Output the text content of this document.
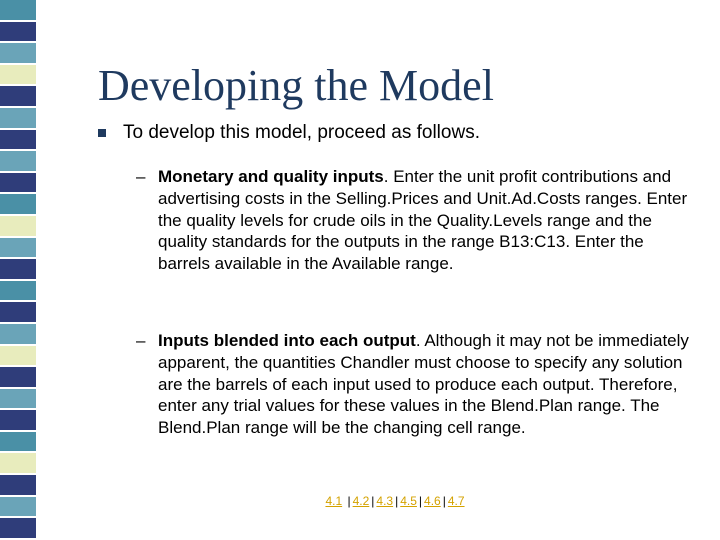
Developing the Model
To develop this model, proceed as follows.
– Monetary and quality inputs. Enter the unit profit contributions and advertising costs in the Selling.Prices and Unit.Ad.Costs ranges. Enter the quality levels for crude oils in the Quality.Levels range and the quality standards for the outputs in the range B13:C13. Enter the barrels available in the Available range.
– Inputs blended into each output. Although it may not be immediately apparent, the quantities Chandler must choose to specify any solution are the barrels of each input used to produce each output. Therefore, enter any trial values for these values in the Blend.Plan range. The Blend.Plan range will be the changing cell range.
4.1 | 4.2 | 4.3 | 4.5 | 4.6 | 4.7
